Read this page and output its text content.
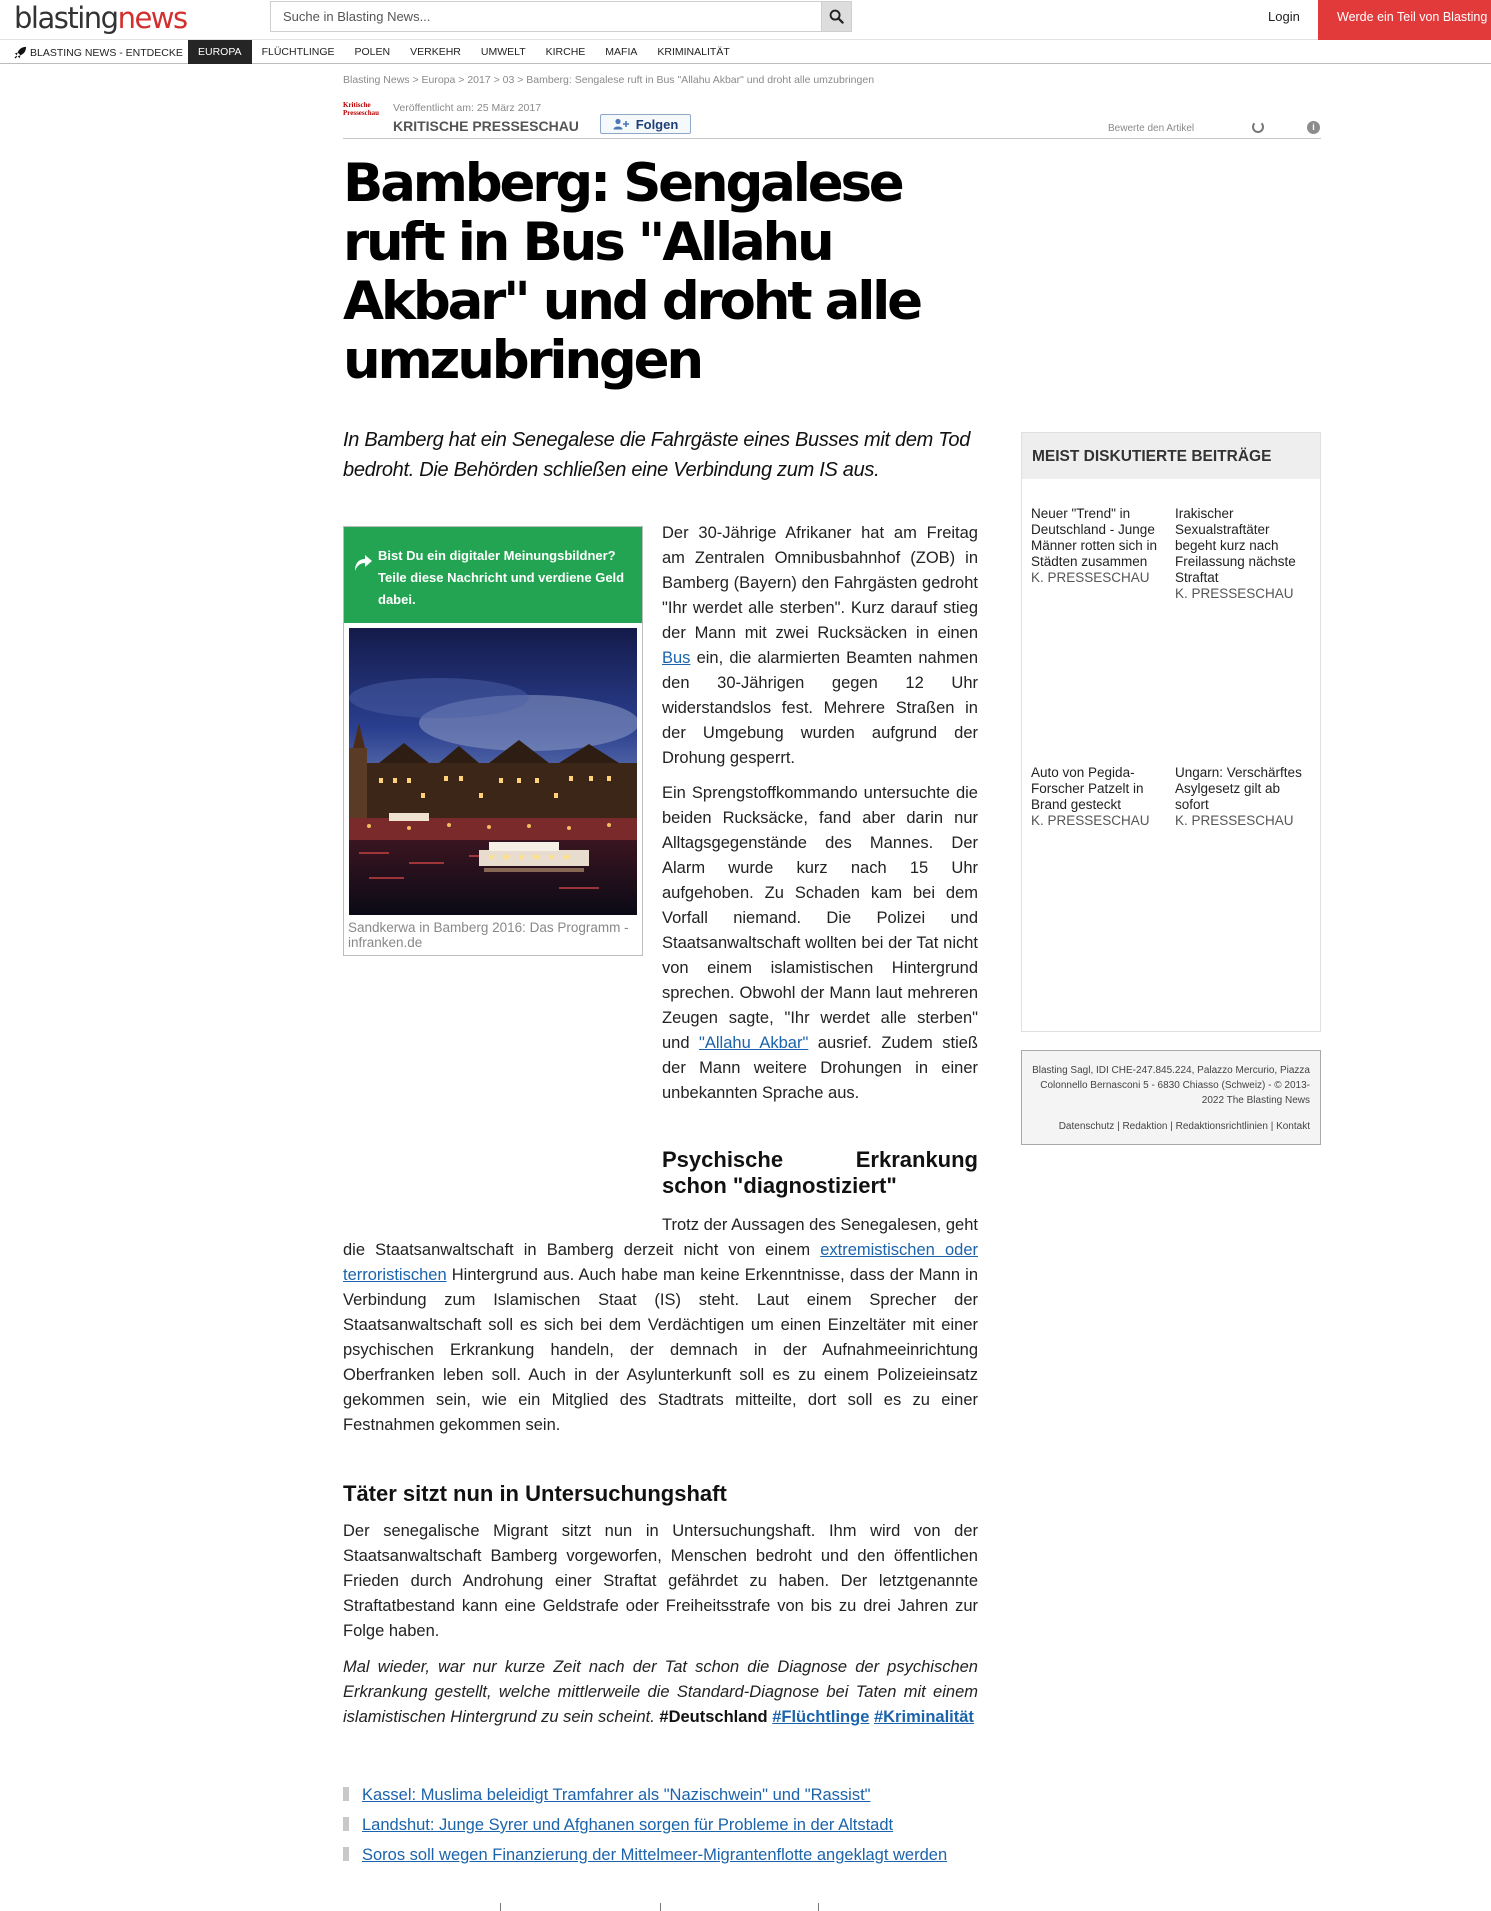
blastingnews
Suche in Blasting News...	Login	Werde ein Teil von Blasting
BLASTING NEWS - ENTDECKE	EUROPA	FLÜCHTLINGE	POLEN	VERKEHR	UMWELT	KIRCHE	MAFIA	KRIMINALITÄT
Blasting News > Europa > 2017 > 03 > Bamberg: Sengalese ruft in Bus "Allahu Akbar" und droht alle umzubringen
Kritische Presseschau	Veröffentlicht am: 25 März 2017
KRITISCHE PRESSESCHAU	Folgen	Bewerte den Artikel	i
Bamberg: Sengalese ruft in Bus "Allahu Akbar" und droht alle umzubringen

In Bamberg hat ein Senegalese die Fahrgäste eines Busses mit dem Tod bedroht. Die Behörden schließen eine Verbindung zum IS aus.

Bist Du ein digitaler Meinungsbildner? Teile diese Nachricht und verdiene Geld dabei.
Sandkerwa in Bamberg 2016: Das Programm - infranken.de

Der 30-Jährige Afrikaner hat am Freitag am Zentralen Omnibusbahnhof (ZOB) in Bamberg (Bayern) den Fahrgästen gedroht "Ihr werdet alle sterben". Kurz darauf stieg der Mann mit zwei Rucksäcken in einen Bus ein, die alarmierten Beamten nahmen den 30-Jährigen gegen 12 Uhr widerstandslos fest. Mehrere Straßen in der Umgebung wurden aufgrund der Drohung gesperrt.

Ein Sprengstoffkommando untersuchte die beiden Rucksäcke, fand aber darin nur Alltagsgegenstände des Mannes. Der Alarm wurde kurz nach 15 Uhr aufgehoben. Zu Schaden kam bei dem Vorfall niemand. Die Polizei und Staatsanwaltschaft wollten bei der Tat nicht von einem islamistischen Hintergrund sprechen. Obwohl der Mann laut mehreren Zeugen sagte, "Ihr werdet alle sterben" und "Allahu Akbar" ausrief. Zudem stieß der Mann weitere Drohungen in einer unbekannten Sprache aus.

Psychische Erkrankung schon "diagnostiziert"

Trotz der Aussagen des Senegalesen, geht die Staatsanwaltschaft in Bamberg derzeit nicht von einem extremistischen oder terroristischen Hintergrund aus. Auch habe man keine Erkenntnisse, dass der Mann in Verbindung zum Islamischen Staat (IS) steht. Laut einem Sprecher der Staatsanwaltschaft soll es sich bei dem Verdächtigen um einen Einzeltäter mit einer psychischen Erkrankung handeln, der demnach in der Aufnahmeeinrichtung Oberfranken leben soll. Auch in der Asylunterkunft soll es zu einem Polizeieinsatz gekommen sein, wie ein Mitglied des Stadtrats mitteilte, dort soll es zu einer Festnahmen gekommen sein.

Täter sitzt nun in Untersuchungshaft

Der senegalische Migrant sitzt nun in Untersuchungshaft. Ihm wird von der Staatsanwaltschaft Bamberg vorgeworfen, Menschen bedroht und den öffentlichen Frieden durch Androhung einer Straftat gefährdet zu haben. Der letztgenannte Straftatbestand kann eine Geldstrafe oder Freiheitsstrafe von bis zu drei Jahren zur Folge haben.

Mal wieder, war nur kurze Zeit nach der Tat schon die Diagnose der psychischen Erkrankung gestellt, welche mittlerweile die Standard-Diagnose bei Taten mit einem islamistischen Hintergrund zu sein scheint. #Deutschland #Flüchtlinge #Kriminalität

Kassel: Muslima beleidigt Tramfahrer als "Nazischwein" und "Rassist"
Landshut: Junge Syrer und Afghanen sorgen für Probleme in der Altstadt
Soros soll wegen Finanzierung der Mittelmeer-Migrantenflotte angeklagt werden
MEIST DISKUTIERTE BEITRÄGE
Neuer "Trend" in Deutschland - Junge Männer rotten sich in Städten zusammen
K. PRESSESCHAU
Irakischer Sexualstraftäter begeht kurz nach Freilassung nächste Straftat
K. PRESSESCHAU
Auto von Pegida-Forscher Patzelt in Brand gesteckt
K. PRESSESCHAU
Ungarn: Verschärftes Asylgesetz gilt ab sofort
K. PRESSESCHAU
Blasting Sagl, IDI CHE-247.845.224, Palazzo Mercurio, Piazza Colonnello Bernasconi 5 - 6830 Chiasso (Schweiz) - © 2013-2022 The Blasting News
Datenschutz | Redaktion | Redaktionsrichtlinien | Kontakt
